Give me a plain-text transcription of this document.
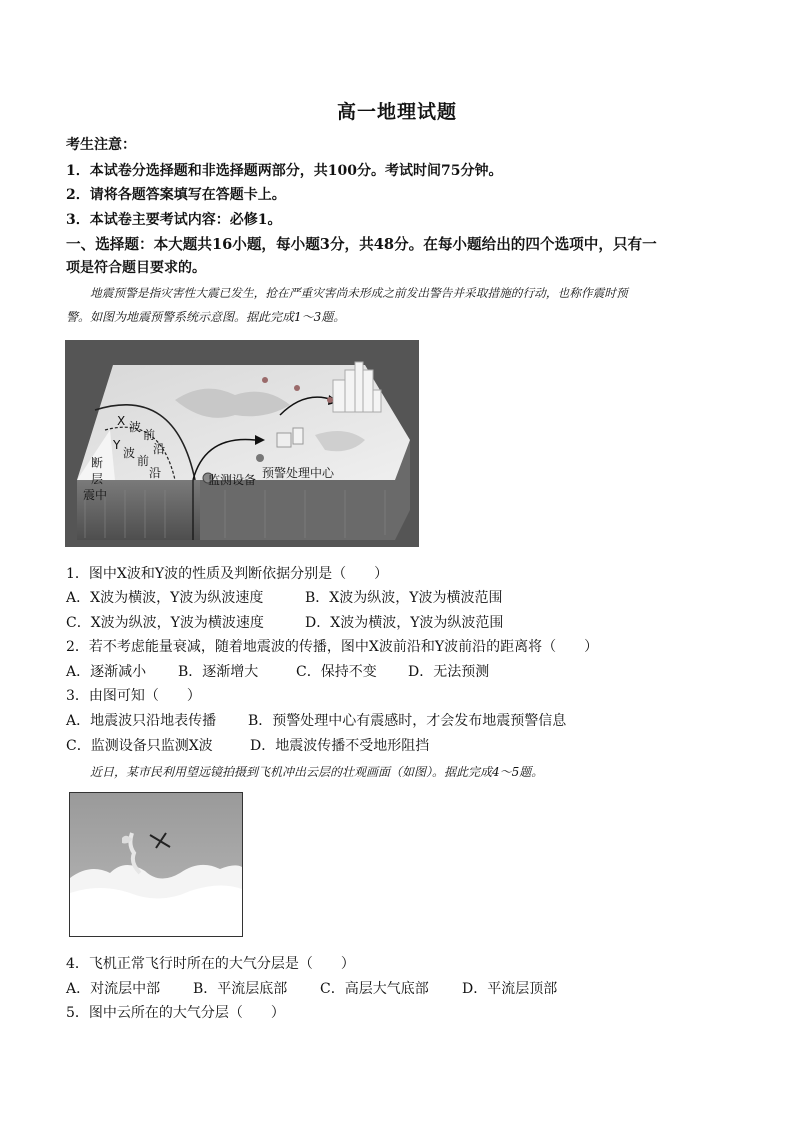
高一地理试题
考生注意：
1．本试卷分选择题和非选择题两部分，共100分。考试时间75分钟。
2．请将各题答案填写在答题卡上。
3．本试卷主要考试内容：必修1。
一、选择题：本大题共16小题，每小题3分，共48分。在每小题给出的四个选项中，只有一
项是符合题目要求的。
地震预警是指灾害性大震已发生，抢在严重灾害尚未形成之前发出警告并采取措施的行动，也称作震时预
警。如图为地震预警系统示意图。据此完成1～3题。
X 波
前
沿
Y
波
前
沿
断
层
震中
监测设备 预警处理中心
1．图中X波和Y波的性质及判断依据分别是（　　）
A．X波为横波，Y波为纵波速度	B．X波为纵波，Y波为横波范围
C．X波为纵波，Y波为横波速度	D．X波为横波，Y波为纵波范围
2．若不考虑能量衰减，随着地震波的传播，图中X波前沿和Y波前沿的距离将（　　）
A．逐渐减小 B．逐渐增大	C．保持不变 D．无法预测
3．由图可知（　　）
A．地震波只沿地表传播 B．预警处理中心有震感时，才会发布地震预警信息
C．监测设备只监测X波	D．地震波传播不受地形阻挡
近日，某市民利用望远镜拍摄到飞机冲出云层的壮观画面（如图）。据此完成4～5题。
4．飞机正常飞行时所在的大气分层是（　　）
A．对流层中部 B．平流层底部 C．高层大气底部 D．平流层顶部
5．图中云所在的大气分层（　　）
